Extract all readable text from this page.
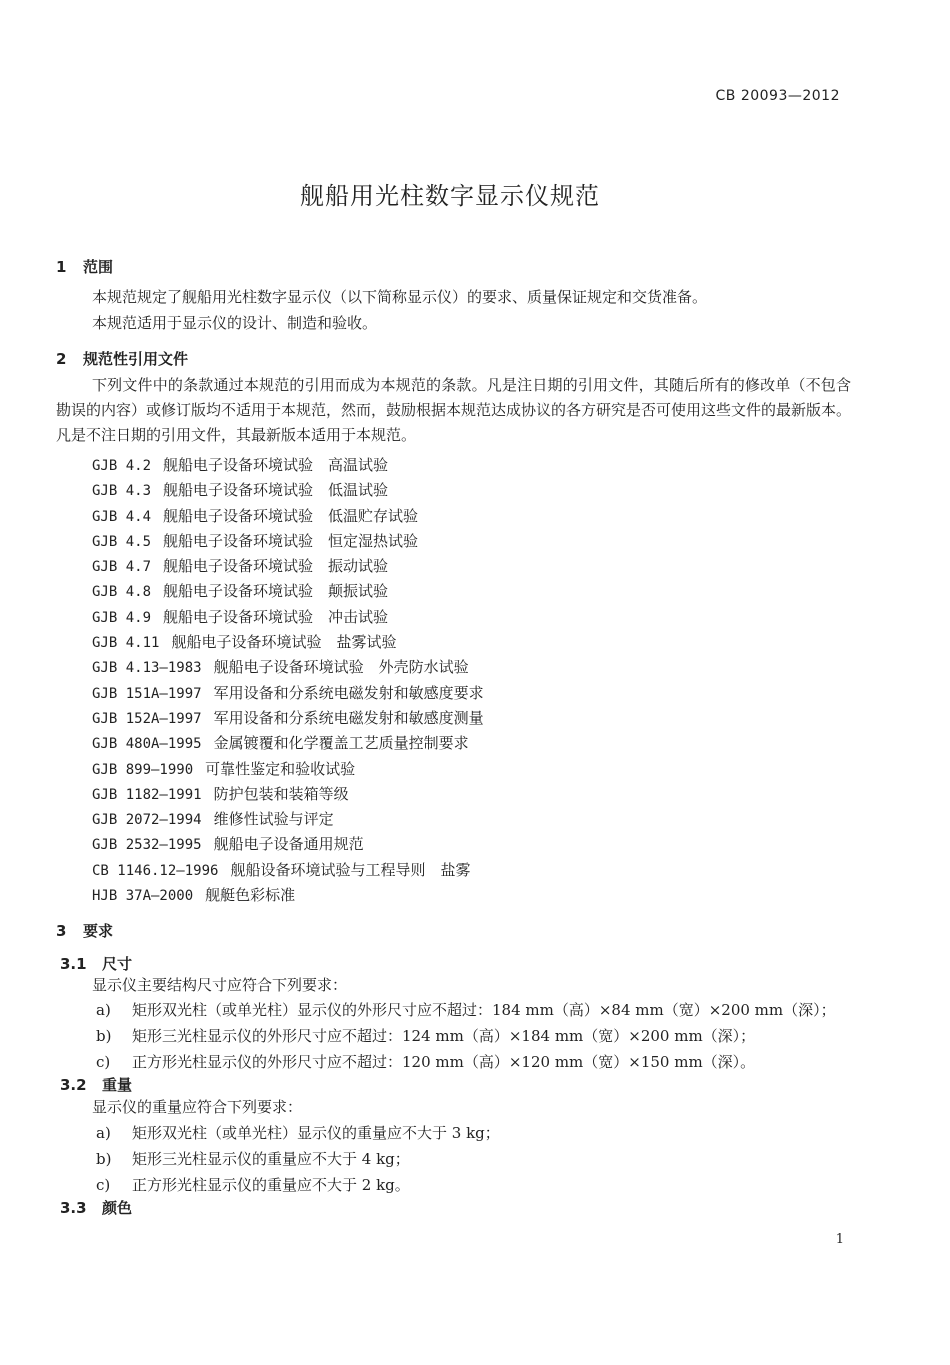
CB 20093—2012
舰船用光柱数字显示仪规范
1 范围
本规范规定了舰船用光柱数字显示仪（以下简称显示仪）的要求、质量保证规定和交货准备。
本规范适用于显示仪的设计、制造和验收。
2 规范性引用文件
下列文件中的条款通过本规范的引用而成为本规范的条款。凡是注日期的引用文件，其随后所有的修改单（不包含勘误的内容）或修订版均不适用于本规范，然而，鼓励根据本规范达成协议的各方研究是否可使用这些文件的最新版本。凡是不注日期的引用文件，其最新版本适用于本规范。
GJB 4.2 舰船电子设备环境试验　高温试验
GJB 4.3 舰船电子设备环境试验　低温试验
GJB 4.4 舰船电子设备环境试验　低温贮存试验
GJB 4.5 舰船电子设备环境试验　恒定湿热试验
GJB 4.7 舰船电子设备环境试验　振动试验
GJB 4.8 舰船电子设备环境试验　颠振试验
GJB 4.9 舰船电子设备环境试验　冲击试验
GJB 4.11 舰船电子设备环境试验　盐雾试验
GJB 4.13—1983 舰船电子设备环境试验　外壳防水试验
GJB 151A—1997 军用设备和分系统电磁发射和敏感度要求
GJB 152A—1997 军用设备和分系统电磁发射和敏感度测量
GJB 480A—1995 金属镀覆和化学覆盖工艺质量控制要求
GJB 899—1990 可靠性鉴定和验收试验
GJB 1182—1991 防护包装和装箱等级
GJB 2072—1994 维修性试验与评定
GJB 2532—1995 舰船电子设备通用规范
CB 1146.12—1996 舰船设备环境试验与工程导则　盐雾
HJB 37A—2000 舰艇色彩标准
3 要求
3.1 尺寸
显示仪主要结构尺寸应符合下列要求：
a) 矩形双光柱（或单光柱）显示仪的外形尺寸应不超过：184 mm（高）×84 mm（宽）×200 mm（深）；
b) 矩形三光柱显示仪的外形尺寸应不超过：124 mm（高）×184 mm（宽）×200 mm（深）；
c) 正方形光柱显示仪的外形尺寸应不超过：120 mm（高）×120 mm（宽）×150 mm（深）。
3.2 重量
显示仪的重量应符合下列要求：
a) 矩形双光柱（或单光柱）显示仪的重量应不大于 3 kg；
b) 矩形三光柱显示仪的重量应不大于 4 kg；
c) 正方形光柱显示仪的重量应不大于 2 kg。
3.3 颜色
1
